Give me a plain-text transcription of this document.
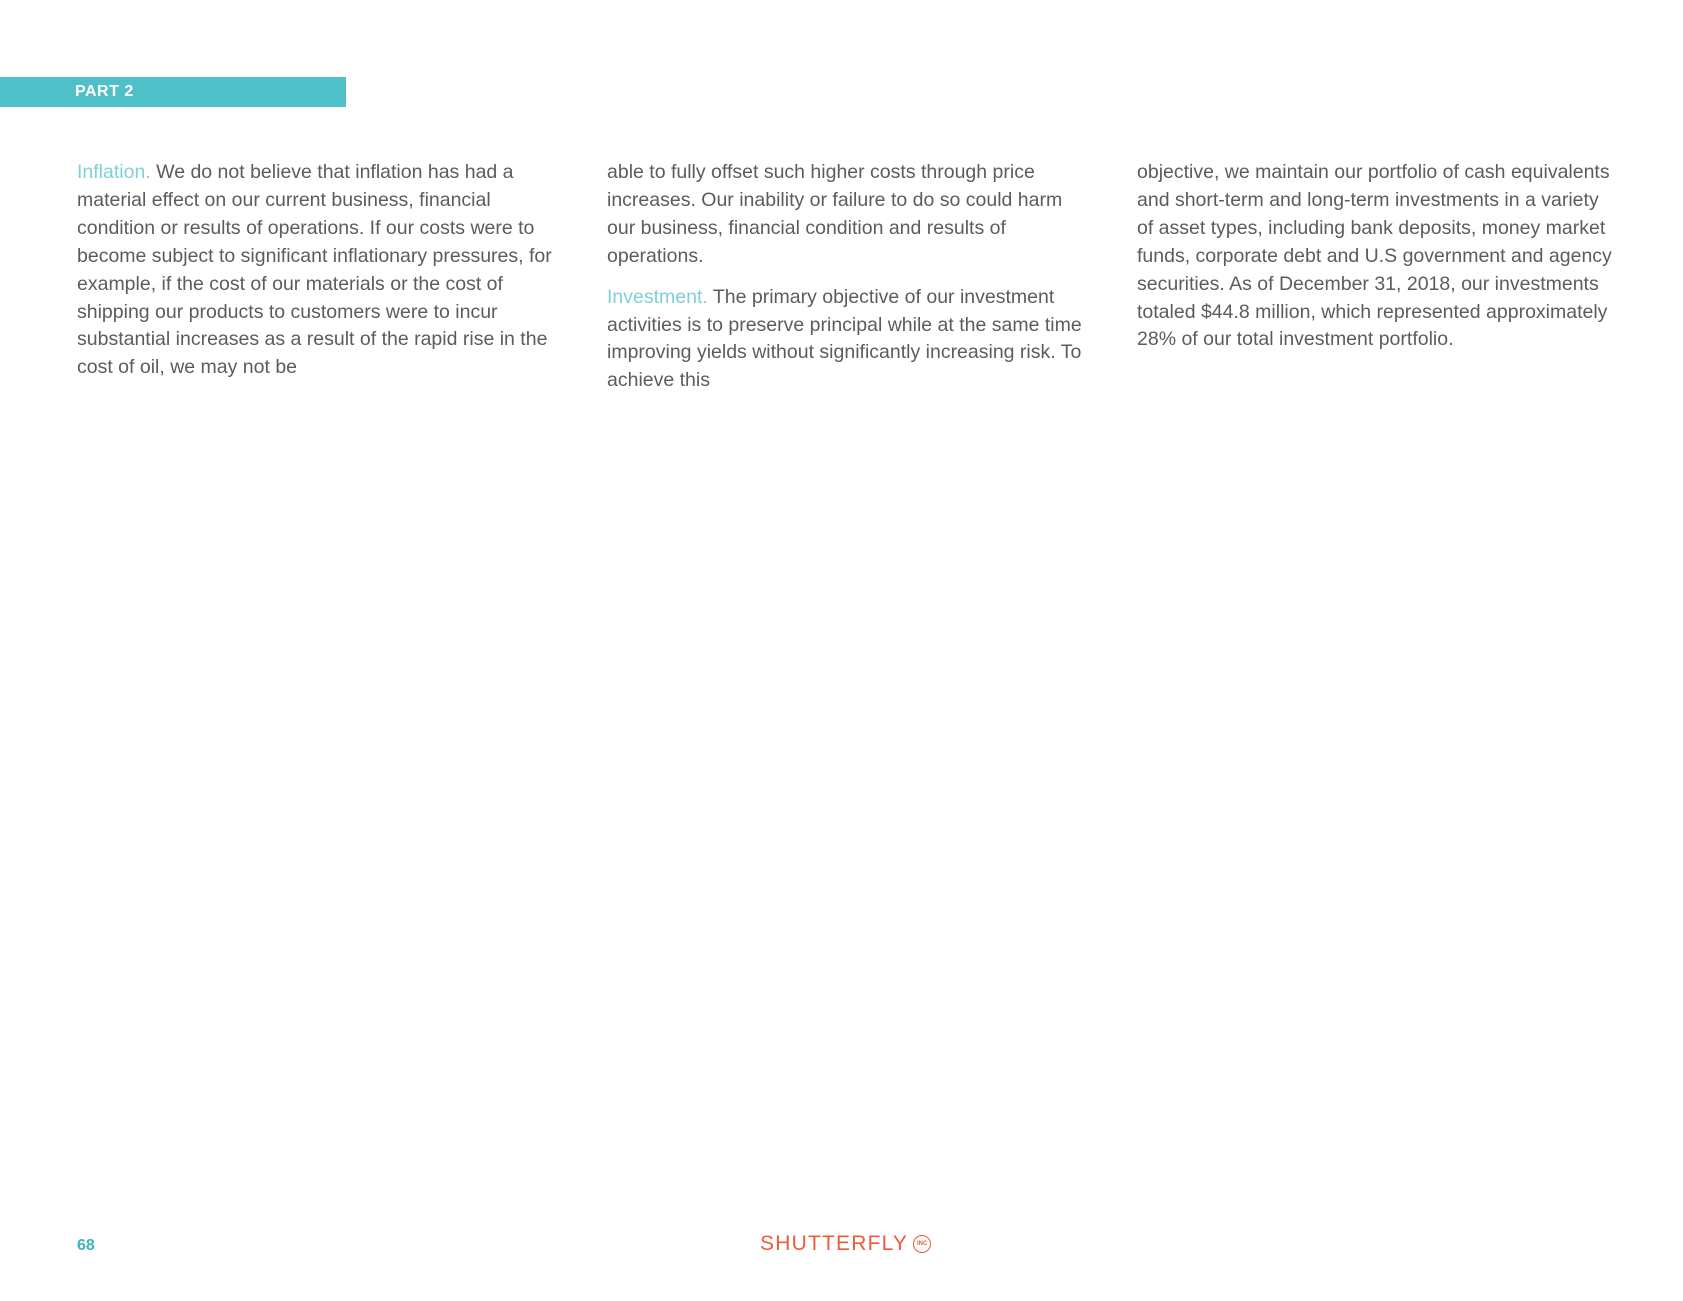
PART 2

Inflation. We do not believe that inflation has had a material effect on our current business, financial condition or results of operations. If our costs were to become subject to significant inflationary pressures, for example, if the cost of our materials or the cost of shipping our products to customers were to incur substantial increases as a result of the rapid rise in the cost of oil, we may not be

able to fully offset such higher costs through price increases. Our inability or failure to do so could harm our business, financial condition and results of operations.

Investment. The primary objective of our investment activities is to preserve principal while at the same time improving yields without significantly increasing risk. To achieve this

objective, we maintain our portfolio of cash equivalents and short-term and long-term investments in a variety of asset types, including bank deposits, money market funds, corporate debt and U.S government and agency securities. As of December 31, 2018, our investments totaled $44.8 million, which represented approximately 28% of our total investment portfolio.

68	SHUTTERFLY	INC
